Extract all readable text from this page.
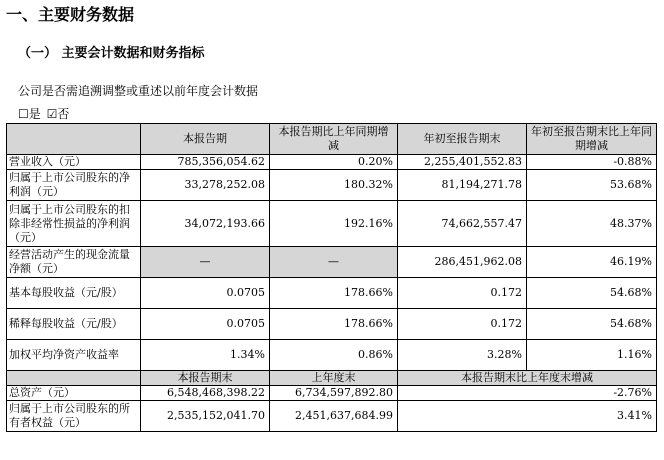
一、主要财务数据
（一） 主要会计数据和财务指标
公司是否需追溯调整或重述以前年度会计数据
☐是 ☑否
	本报告期	本报告期比上年同期增减	年初至报告期末	年初至报告期末比上年同期增减
营业收入（元）	785,356,054.62	0.20%	2,255,401,552.83	-0.88%
归属于上市公司股东的净利润（元）	33,278,252.08	180.32%	81,194,271.78	53.68%
归属于上市公司股东的扣除非经常性损益的净利润（元）	34,072,193.66	192.16%	74,662,557.47	48.37%
经营活动产生的现金流量净额（元）	—	—	286,451,962.08	46.19%
基本每股收益（元/股）	0.0705	178.66%	0.172	54.68%
稀释每股收益（元/股）	0.0705	178.66%	0.172	54.68%
加权平均净资产收益率	1.34%	0.86%	3.28%	1.16%
	本报告期末	上年度末	本报告期末比上年度末增减	
总资产（元）	6,548,468,398.22	6,734,597,892.80	-2.76%	
归属于上市公司股东的所有者权益（元）	2,535,152,041.70	2,451,637,684.99	3.41%	
